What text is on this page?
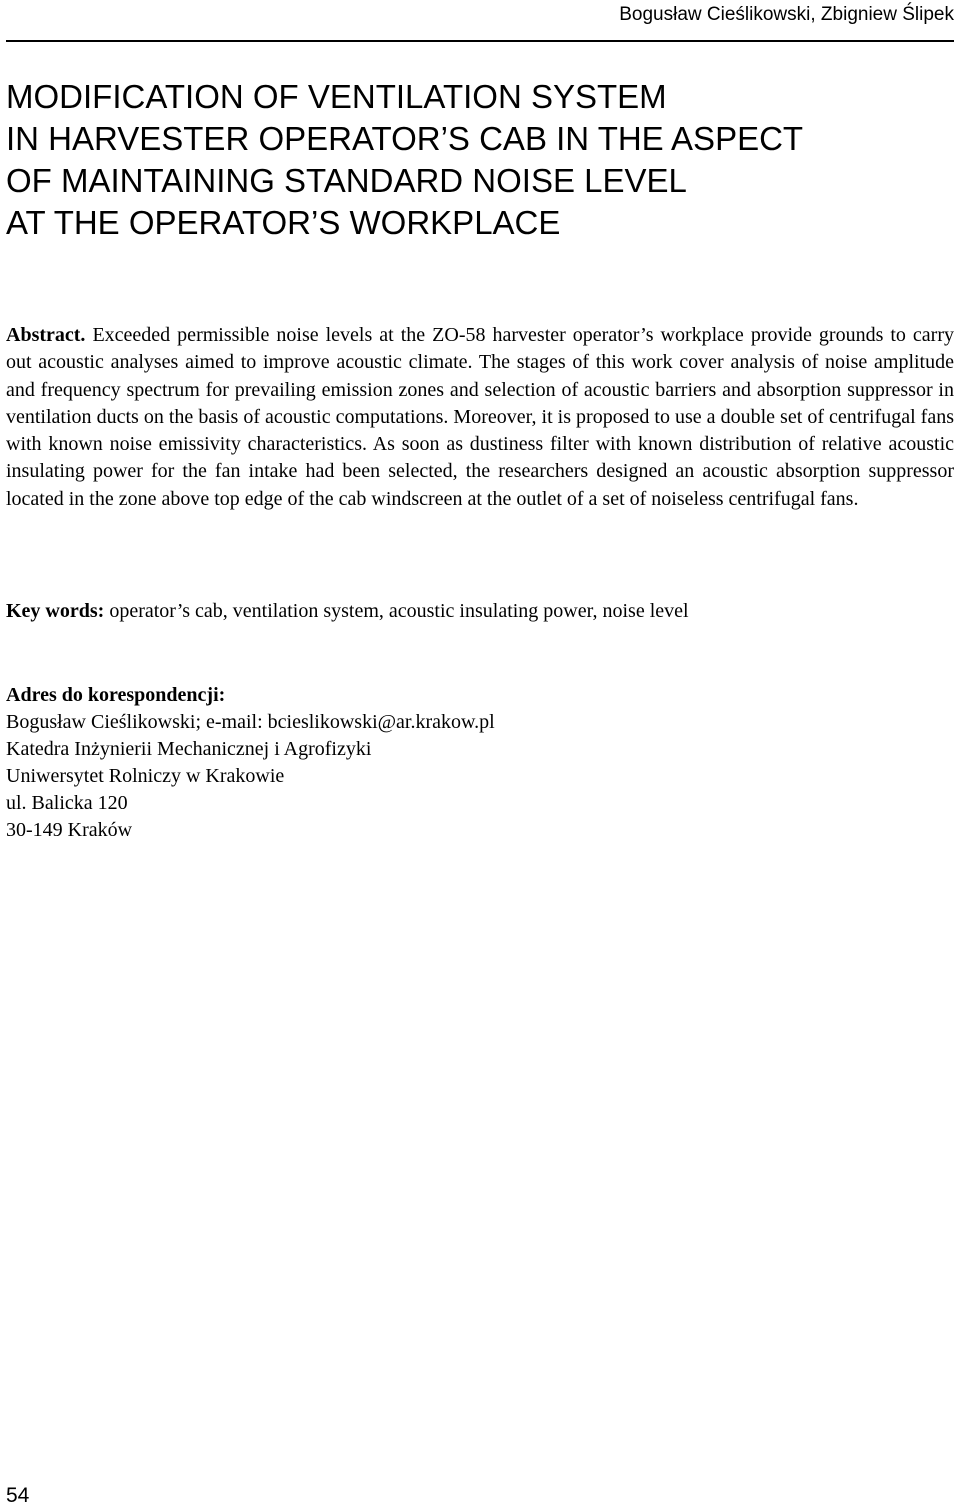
Bogusław Cieślikowski, Zbigniew Ślipek
MODIFICATION OF VENTILATION SYSTEM
IN HARVESTER OPERATOR’S CAB IN THE ASPECT
OF MAINTAINING STANDARD NOISE LEVEL
AT THE OPERATOR’S WORKPLACE

Abstract. Exceeded permissible noise levels at the ZO-58 harvester operator’s workplace provide grounds to carry out acoustic analyses aimed to improve acoustic climate. The stages of this work cover analysis of noise amplitude and frequency spectrum for prevailing emission zones and selection of acoustic barriers and absorption suppressor in ventilation ducts on the basis of acoustic computations. Moreover, it is proposed to use a double set of centrifugal fans with known noise emissivity characteristics. As soon as dustiness filter with known distribution of relative acoustic insulating power for the fan intake had been selected, the researchers designed an acoustic absorption suppressor located in the zone above top edge of the cab windscreen at the outlet of a set of noiseless centrifugal fans.

Key words: operator’s cab, ventilation system, acoustic insulating power, noise level

Adres do korespondencji:
Bogusław Cieślikowski; e-mail: bcieslikowski@ar.krakow.pl
Katedra Inżynierii Mechanicznej i Agrofizyki
Uniwersytet Rolniczy w Krakowie
ul. Balicka 120
30-149 Kraków
54
